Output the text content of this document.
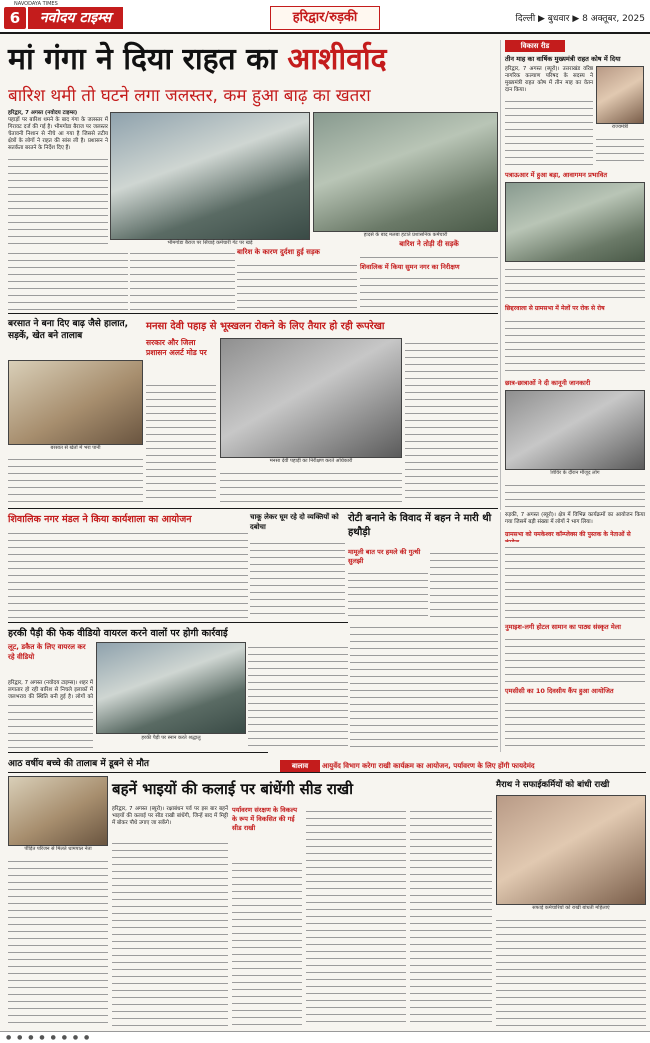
NAVODAYA TIMES
6	नवोदय टाइम्स	हरिद्वार/रुड़की	दिल्ली ▶ बुधवार ▶ 8 अक्तूबर, 2025
मां गंगा ने दिया राहत का आशीर्वाद
बारिश थमी तो घटने लगा जलस्तर, कम हुआ बाढ़ का खतरा
हरिद्वार, 7 अगस्त (नवोदय टाइम्स)
पहाड़ों पर बारिश थमने के बाद गंगा के जलस्तर में गिरावट दर्ज की गई है। भीमगोडा बैराज पर जलस्तर चेतावनी निशान से नीचे आ गया है जिससे तटीय क्षेत्रों के लोगों ने राहत की सांस ली है। प्रशासन ने सतर्कता बरतने के निर्देश दिए हैं।
भीमगोडा बैराज पर सिंचाई कर्मचारी गेट पर खड़े
हादसे के बाद मलबा हटाते प्रशासनिक कर्मचारी
बारिश के कारण दुर्दशा हुई सड़क
बारिश ने तोड़ी दी सड़कें
शिवालिक में किया सुमन नगर का निरीक्षण
बरसात ने बना दिए बाढ़ जैसे हालात, सड़कें, खेत बने तालाब
बरसात से खेतों में भरा पानी
मनसा देवी पहाड़ से भूस्खलन रोकने के लिए तैयार हो रही रूपरेखा
सरकार और जिला प्रशासन अलर्ट मोड पर
मनसा देवी पहाड़ी का निरीक्षण करते अधिकारी
शिवालिक नगर मंडल ने किया कार्यशाला का आयोजन	चाकू लेकर घूम रहे दो व्यक्तियों को दबोचा
रोटी बनाने के विवाद में बहन ने मारी थी हथौड़ी
मामूली बात पर हमले की गुत्थी सुलझी
हरकी पैड़ी की फेक वीडियो वायरल करने वालों पर होगी कार्रवाई
लूट, डकैत के लिए वायरल कर रहे वीडियो
हरिद्वार, 7 अगस्त (नवोदय टाइम्स)। शहर में लगातार हो रही बारिश से निचले इलाकों में जलभराव की स्थिति बनी हुई है। लोगों को
हरकी पैड़ी पर स्नान करते श्रद्धालु
आठ वर्षीय बच्चे की तालाब में डूबने से मौत
विकास रीड
तीन माह का वार्षिक मुख्यमंत्री राहत कोष में दिया
हरिद्वार, 7 अगस्त (ब्यूरो)। उत्तराखंड वरिष्ठ नागरिक कल्याण परिषद के सदस्य ने मुख्यमंत्री राहत कोष में तीन माह का वेतन दान किया।
राज्यमंत्री
पत्राऊआर में हुआ बड़ा, आवागमन प्रभावित
छिद्दरवाला से ग्रामसभा में मेलों पर रोक से रोष
छात्र-छात्राओं ने दी कानूनी जानकारी
शिविर के दौरान मौजूद लोग
रुड़की, 7 अगस्त (ब्यूरो)। क्षेत्र में विभिन्न कार्यक्रमों का आयोजन किया गया जिसमें बड़ी संख्या में लोगों ने भाग लिया।
ग्रामसभा को यमकेश्वर कॉम्प्लेक्स की पुस्तक के नेताओं से
नुमाइश-लगी होटल सामान का पाठ्य संस्कृत मेला
एमसीसी का 10 दिवसीय कैंप हुआ आयोजित
पीड़ित परिजन से मिलते धामपाल नेता
बालाव	आयुर्वेद विभाग करेगा राखी कार्यक्रम का आयोजन, पर्यावरण के लिए होंगी फायदेमंद
बहनें भाइयों की कलाई पर बांधेंगी सीड राखी
पर्यावरण संरक्षण के विकल्प के रूप में विकसित की गई सीड राखी
हरिद्वार, 7 अगस्त (ब्यूरो)। रक्षाबंधन पर्व पर इस बार बहनें भाइयों की कलाई पर सीड राखी बांधेंगी, जिन्हें बाद में मिट्टी में बोकर पौधे उगाए जा सकेंगे।
मैराथ ने सफाईकर्मियों को बांधी राखी
सफाई कर्मचारियों को राखी बांधती महिलाएं
● ● ● ● ● ● ● ●
